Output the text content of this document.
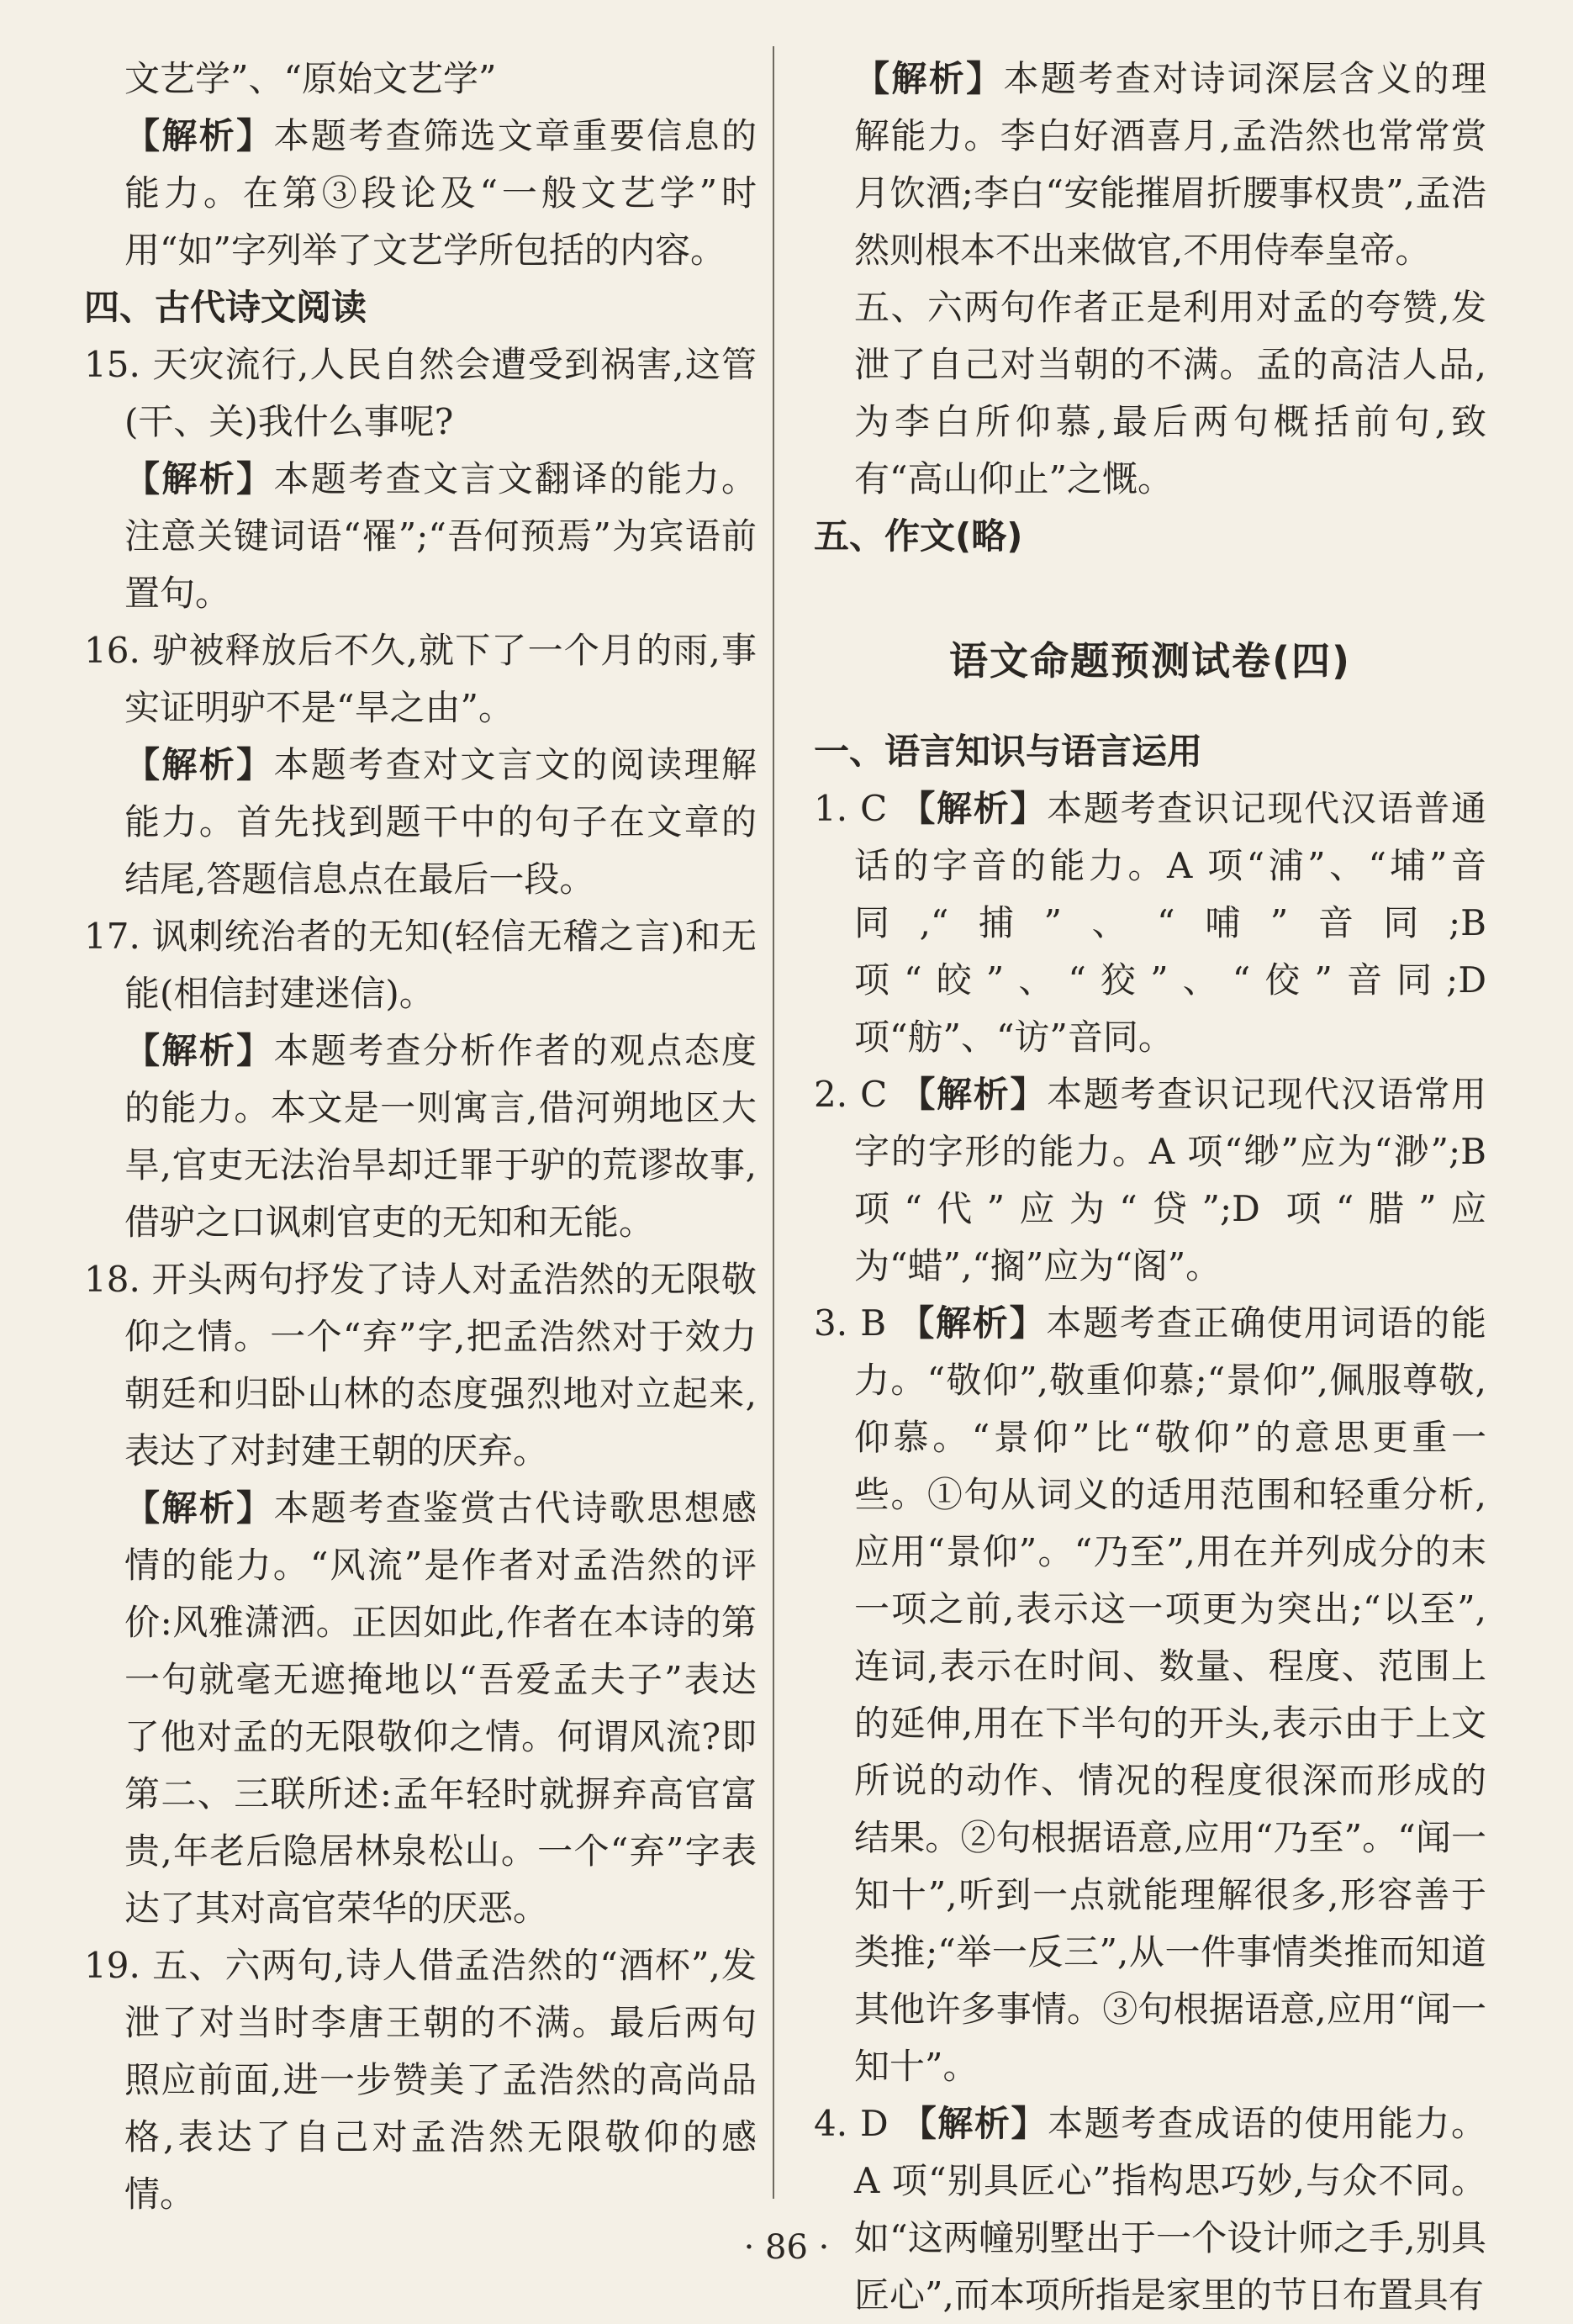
文艺学”、“原始文艺学”

【解析】本题考查筛选文章重要信息的能力。在第③段论及“一般文艺学”时用“如”字列举了文艺学所包括的内容。

四、古代诗文阅读

15. 天灾流行,人民自然会遭受到祸害,这管(干、关)我什么事呢?

【解析】本题考查文言文翻译的能力。注意关键词语“罹”;“吾何预焉”为宾语前置句。

16. 驴被释放后不久,就下了一个月的雨,事实证明驴不是“旱之由”。

【解析】本题考查对文言文的阅读理解能力。首先找到题干中的句子在文章的结尾,答题信息点在最后一段。

17. 讽刺统治者的无知(轻信无稽之言)和无能(相信封建迷信)。

【解析】本题考查分析作者的观点态度的能力。本文是一则寓言,借河朔地区大旱,官吏无法治旱却迁罪于驴的荒谬故事,借驴之口讽刺官吏的无知和无能。

18. 开头两句抒发了诗人对孟浩然的无限敬仰之情。一个“弃”字,把孟浩然对于效力朝廷和归卧山林的态度强烈地对立起来,表达了对封建王朝的厌弃。

【解析】本题考查鉴赏古代诗歌思想感情的能力。“风流”是作者对孟浩然的评价:风雅潇洒。正因如此,作者在本诗的第一句就毫无遮掩地以“吾爱孟夫子”表达了他对孟的无限敬仰之情。何谓风流?即第二、三联所述:孟年轻时就摒弃高官富贵,年老后隐居林泉松山。一个“弃”字表达了其对高官荣华的厌恶。

19. 五、六两句,诗人借孟浩然的“酒杯”,发泄了对当时李唐王朝的不满。最后两句照应前面,进一步赞美了孟浩然的高尚品格,表达了自己对孟浩然无限敬仰的感情。

【解析】本题考查对诗词深层含义的理解能力。李白好酒喜月,孟浩然也常常赏月饮酒;李白“安能摧眉折腰事权贵”,孟浩然则根本不出来做官,不用侍奉皇帝。

五、六两句作者正是利用对孟的夸赞,发泄了自己对当朝的不满。孟的高洁人品,为李白所仰慕,最后两句概括前句,致有“高山仰止”之慨。

五、作文(略)

语文命题预测试卷(四)

一、语言知识与语言运用

1. C 【解析】本题考查识记现代汉语普通话的字音的能力。A 项“浦”、“埔”音同,“捕”、“哺”音同;B 项“皎”、“狡”、“佼”音同;D 项“舫”、“访”音同。

2. C 【解析】本题考查识记现代汉语常用字的字形的能力。A 项“缈”应为“渺”;B 项“代”应为“贷”;D 项“腊”应为“蜡”,“搁”应为“阁”。

3. B 【解析】本题考查正确使用词语的能力。“敬仰”,敬重仰慕;“景仰”,佩服尊敬,仰慕。“景仰”比“敬仰”的意思更重一些。①句从词义的适用范围和轻重分析,应用“景仰”。“乃至”,用在并列成分的末一项之前,表示这一项更为突出;“以至”,连词,表示在时间、数量、程度、范围上的延伸,用在下半句的开头,表示由于上文所说的动作、情况的程度很深而形成的结果。②句根据语意,应用“乃至”。“闻一知十”,听到一点就能理解很多,形容善于类推;“举一反三”,从一件事情类推而知道其他许多事情。③句根据语意,应用“闻一知十”。

4. D 【解析】本题考查成语的使用能力。A 项“别具匠心”指构思巧妙,与众不同。如“这两幢别墅出于一个设计师之手,别具匠心”,而本项所指是家里的节日布置具有

· 86 ·
